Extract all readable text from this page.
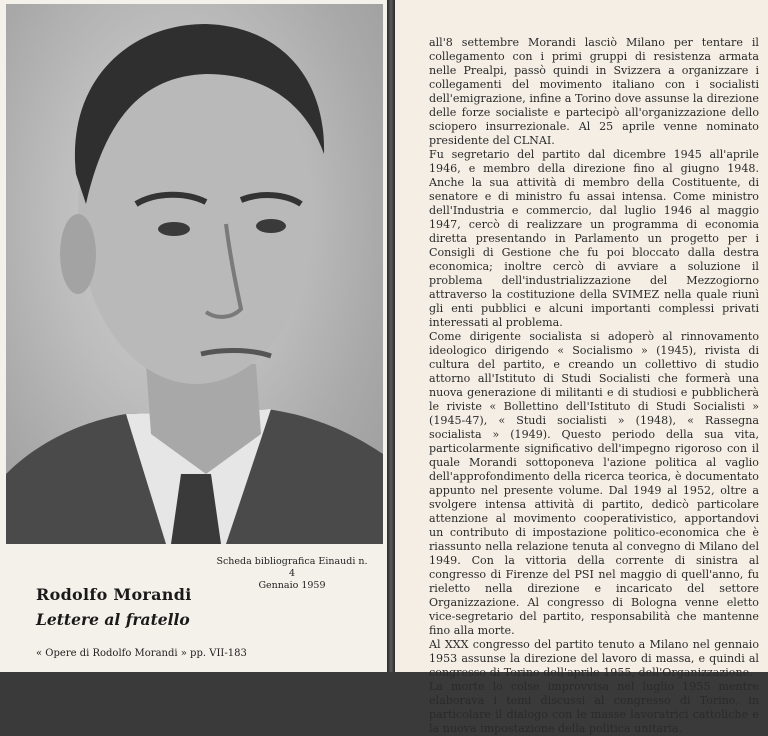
Scheda bibliografica Einaudi n. 4
Gennaio 1959
Rodolfo Morandi
Lettere al fratello
« Opere di Rodolfo Morandi » pp. VII-183

all'8 settembre Morandi lasciò Milano per tentare il collegamento con i primi gruppi di resistenza armata nelle Prealpi, passò quindi in Svizzera a organizzare i collegamenti del movimento italiano con i socialisti dell'emigrazione, infine a Torino dove assunse la direzione delle forze socialiste e partecipò all'organizzazione dello sciopero insurrezionale. Al 25 aprile venne nominato presidente del CLNAI.

Fu segretario del partito dal dicembre 1945 all'aprile 1946, e membro della direzione fino al giugno 1948. Anche la sua attività di membro della Costituente, di senatore e di ministro fu assai intensa. Come ministro dell'Industria e commercio, dal luglio 1946 al maggio 1947, cercò di realizzare un programma di economia diretta presentando in Parlamento un progetto per i Consigli di Gestione che fu poi bloccato dalla destra economica; inoltre cercò di avviare a soluzione il problema dell'industrializzazione del Mezzogiorno attraverso la costituzione della SVIMEZ nella quale riunì gli enti pubblici e alcuni importanti complessi privati interessati al problema.

Come dirigente socialista si adoperò al rinnovamento ideologico dirigendo « Socialismo » (1945), rivista di cultura del partito, e creando un collettivo di studio attorno all'Istituto di Studi Socialisti che formerà una nuova generazione di militanti e di studiosi e pubblicherà le riviste « Bollettino dell'Istituto di Studi Socialisti » (1945-47), « Studi socialisti » (1948), « Rassegna socialista » (1949). Questo periodo della sua vita, particolarmente significativo dell'impegno rigoroso con il quale Morandi sottoponeva l'azione politica al vaglio dell'approfondimento della ricerca teorica, è documentato appunto nel presente volume. Dal 1949 al 1952, oltre a svolgere intensa attività di partito, dedicò particolare attenzione al movimento cooperativistico, apportandovi un contributo di impostazione politico-economica che è riassunto nella relazione tenuta al convegno di Milano del 1949. Con la vittoria della corrente di sinistra al congresso di Firenze del PSI nel maggio di quell'anno, fu rieletto nella direzione e incaricato del settore Organizzazione. Al congresso di Bologna venne eletto vice-segretario del partito, responsabilità che mantenne fino alla morte.

Al XXX congresso del partito tenuto a Milano nel gennaio 1953 assunse la direzione del lavoro di massa, e quindi al congresso di Torino dell'aprile 1955, dell'Organizzazione.

La morte lo colse improvvisa nel luglio 1955 mentre elaborava i temi discussi al congresso di Torino, in particolare il dialogo con le masse lavoratrici cattoliche e la nuova impostazione della politica unitaria.
